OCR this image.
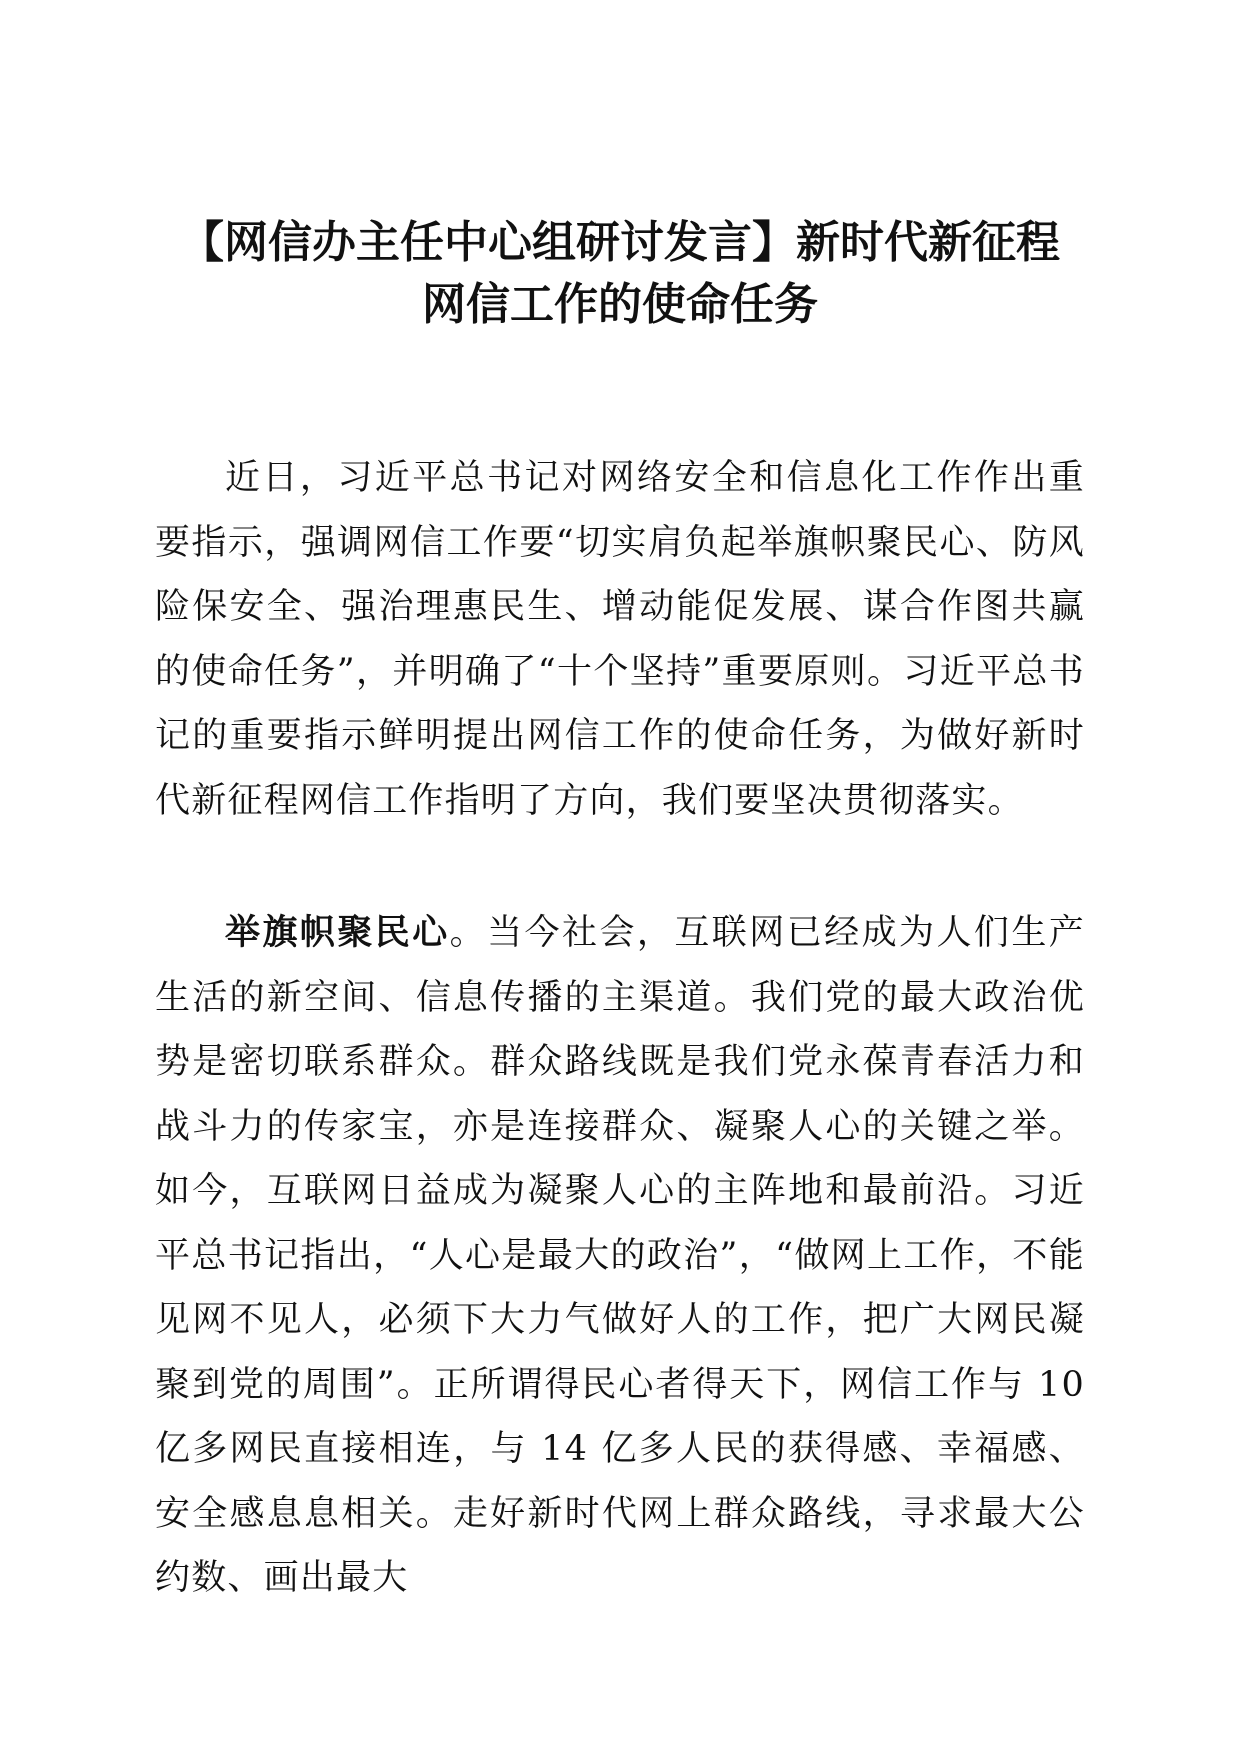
【网信办主任中心组研讨发言】新时代新征程
网信工作的使命任务

近日，习近平总书记对网络安全和信息化工作作出重要指示，强调网信工作要“切实肩负起举旗帜聚民心、防风险保安全、强治理惠民生、增动能促发展、谋合作图共赢的使命任务”，并明确了“十个坚持”重要原则。习近平总书记的重要指示鲜明提出网信工作的使命任务，为做好新时代新征程网信工作指明了方向，我们要坚决贯彻落实。

举旗帜聚民心。当今社会，互联网已经成为人们生产生活的新空间、信息传播的主渠道。我们党的最大政治优势是密切联系群众。群众路线既是我们党永葆青春活力和战斗力的传家宝，亦是连接群众、凝聚人心的关键之举。如今，互联网日益成为凝聚人心的主阵地和最前沿。习近平总书记指出，“人心是最大的政治”，“做网上工作，不能见网不见人，必须下大力气做好人的工作，把广大网民凝聚到党的周围”。正所谓得民心者得天下，网信工作与 10 亿多网民直接相连，与 14 亿多人民的获得感、幸福感、安全感息息相关。走好新时代网上群众路线，寻求最大公约数、画出最大
